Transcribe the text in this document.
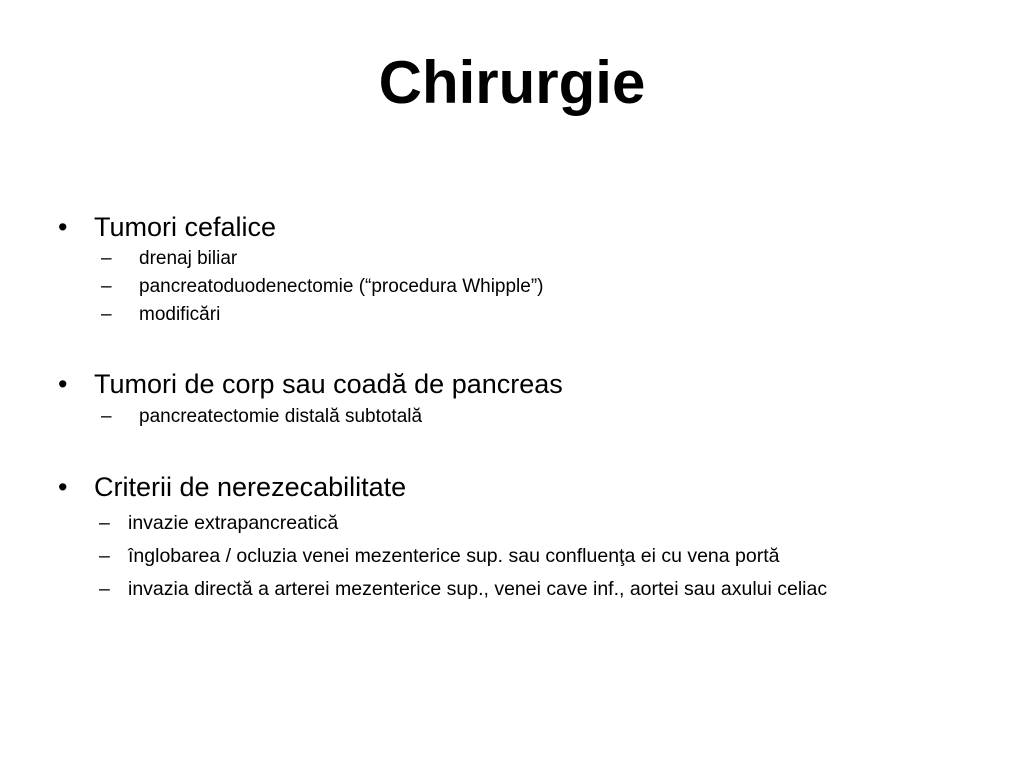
Chirurgie
• Tumori cefalice
– drenaj biliar
– pancreatoduodenectomie (“procedura Whipple”)
– modificări
• Tumori de corp sau coadă de pancreas
– pancreatectomie distală subtotală
• Criterii de nerezecabilitate
– invazie extrapancreatică
– înglobarea / ocluzia venei mezenterice sup. sau confluenţa ei cu vena portă
– invazia directă a arterei mezenterice sup., venei cave inf., aortei sau axului celiac
